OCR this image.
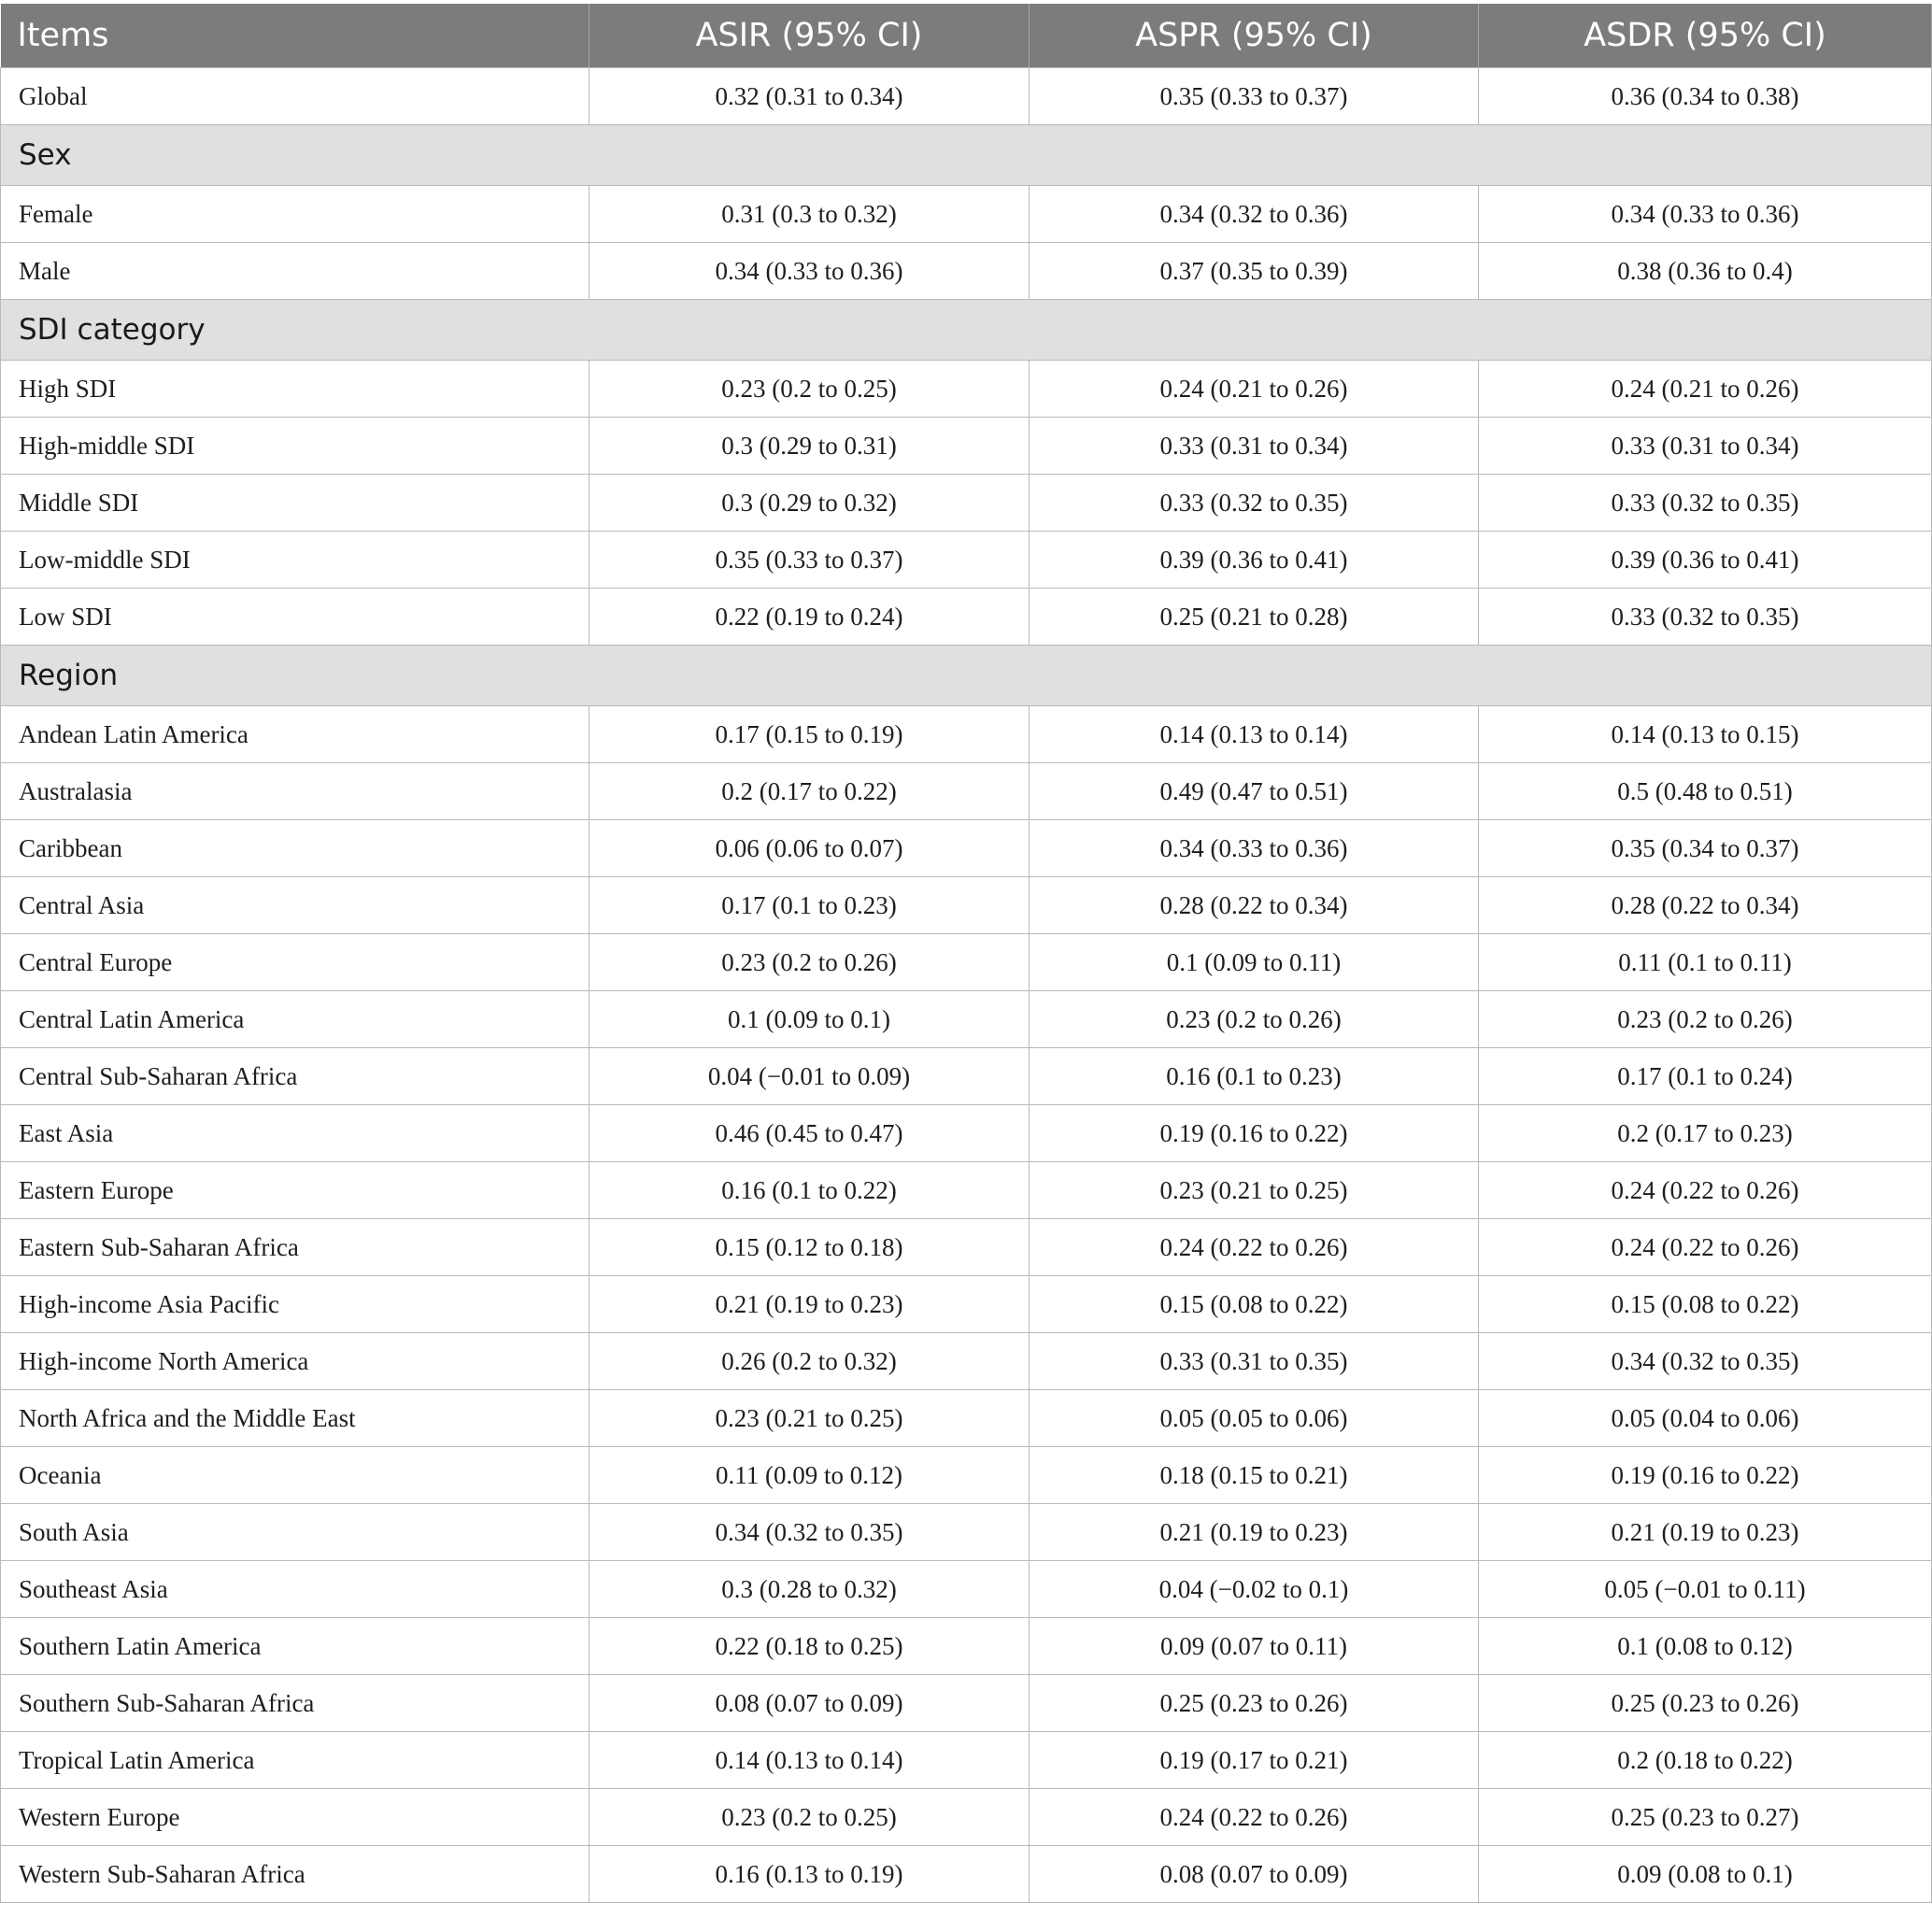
Items	ASIR (95% CI)	ASPR (95% CI)	ASDR (95% CI)
Global	0.32 (0.31 to 0.34)	0.35 (0.33 to 0.37)	0.36 (0.34 to 0.38)
Sex			
Female	0.31 (0.3 to 0.32)	0.34 (0.32 to 0.36)	0.34 (0.33 to 0.36)
Male	0.34 (0.33 to 0.36)	0.37 (0.35 to 0.39)	0.38 (0.36 to 0.4)
SDI category			
High SDI	0.23 (0.2 to 0.25)	0.24 (0.21 to 0.26)	0.24 (0.21 to 0.26)
High-middle SDI	0.3 (0.29 to 0.31)	0.33 (0.31 to 0.34)	0.33 (0.31 to 0.34)
Middle SDI	0.3 (0.29 to 0.32)	0.33 (0.32 to 0.35)	0.33 (0.32 to 0.35)
Low-middle SDI	0.35 (0.33 to 0.37)	0.39 (0.36 to 0.41)	0.39 (0.36 to 0.41)
Low SDI	0.22 (0.19 to 0.24)	0.25 (0.21 to 0.28)	0.33 (0.32 to 0.35)
Region			
Andean Latin America	0.17 (0.15 to 0.19)	0.14 (0.13 to 0.14)	0.14 (0.13 to 0.15)
Australasia	0.2 (0.17 to 0.22)	0.49 (0.47 to 0.51)	0.5 (0.48 to 0.51)
Caribbean	0.06 (0.06 to 0.07)	0.34 (0.33 to 0.36)	0.35 (0.34 to 0.37)
Central Asia	0.17 (0.1 to 0.23)	0.28 (0.22 to 0.34)	0.28 (0.22 to 0.34)
Central Europe	0.23 (0.2 to 0.26)	0.1 (0.09 to 0.11)	0.11 (0.1 to 0.11)
Central Latin America	0.1 (0.09 to 0.1)	0.23 (0.2 to 0.26)	0.23 (0.2 to 0.26)
Central Sub-Saharan Africa	0.04 (−0.01 to 0.09)	0.16 (0.1 to 0.23)	0.17 (0.1 to 0.24)
East Asia	0.46 (0.45 to 0.47)	0.19 (0.16 to 0.22)	0.2 (0.17 to 0.23)
Eastern Europe	0.16 (0.1 to 0.22)	0.23 (0.21 to 0.25)	0.24 (0.22 to 0.26)
Eastern Sub-Saharan Africa	0.15 (0.12 to 0.18)	0.24 (0.22 to 0.26)	0.24 (0.22 to 0.26)
High-income Asia Pacific	0.21 (0.19 to 0.23)	0.15 (0.08 to 0.22)	0.15 (0.08 to 0.22)
High-income North America	0.26 (0.2 to 0.32)	0.33 (0.31 to 0.35)	0.34 (0.32 to 0.35)
North Africa and the Middle East	0.23 (0.21 to 0.25)	0.05 (0.05 to 0.06)	0.05 (0.04 to 0.06)
Oceania	0.11 (0.09 to 0.12)	0.18 (0.15 to 0.21)	0.19 (0.16 to 0.22)
South Asia	0.34 (0.32 to 0.35)	0.21 (0.19 to 0.23)	0.21 (0.19 to 0.23)
Southeast Asia	0.3 (0.28 to 0.32)	0.04 (−0.02 to 0.1)	0.05 (−0.01 to 0.11)
Southern Latin America	0.22 (0.18 to 0.25)	0.09 (0.07 to 0.11)	0.1 (0.08 to 0.12)
Southern Sub-Saharan Africa	0.08 (0.07 to 0.09)	0.25 (0.23 to 0.26)	0.25 (0.23 to 0.26)
Tropical Latin America	0.14 (0.13 to 0.14)	0.19 (0.17 to 0.21)	0.2 (0.18 to 0.22)
Western Europe	0.23 (0.2 to 0.25)	0.24 (0.22 to 0.26)	0.25 (0.23 to 0.27)
Western Sub-Saharan Africa	0.16 (0.13 to 0.19)	0.08 (0.07 to 0.09)	0.09 (0.08 to 0.1)
